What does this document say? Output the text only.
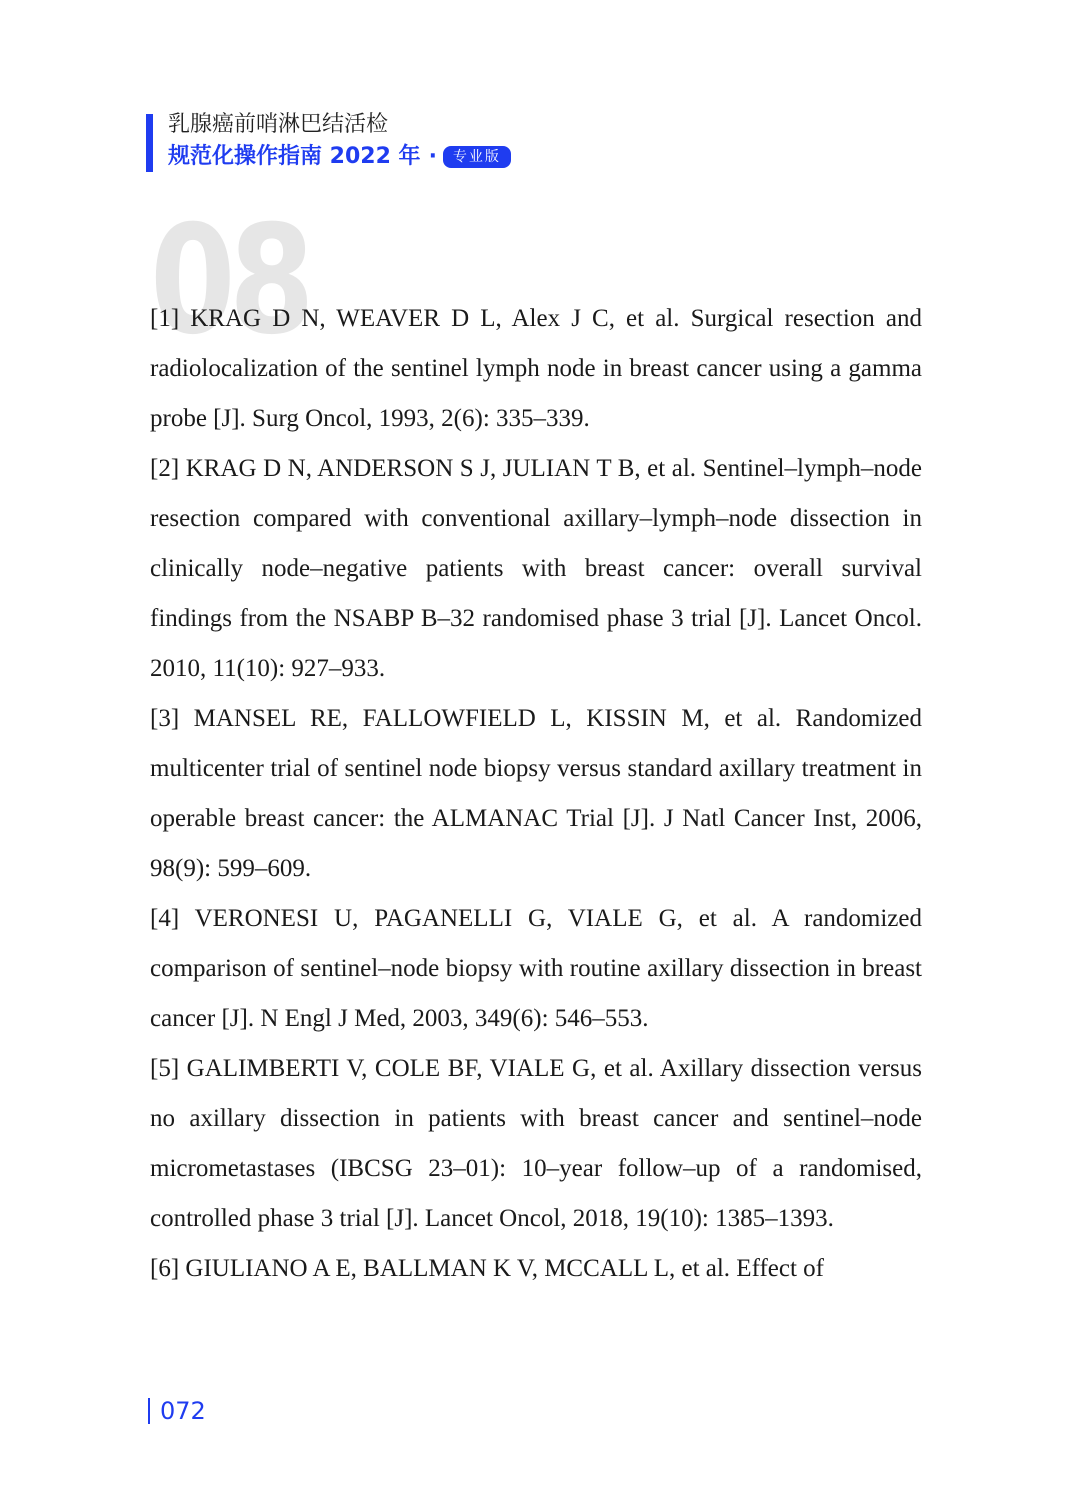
乳腺癌前哨淋巴结活检
规范化操作指南 2022 年 ·	专业版
08

[1] KRAG D N, WEAVER D L, Alex J C, et al. Surgical resection and radiolocalization of the sentinel lymph node in breast cancer using a gamma probe [J]. Surg Oncol, 1993, 2(6): 335–339.

[2] KRAG D N, ANDERSON S J, JULIAN T B, et al. Sentinel–lymph–node resection compared with conventional axillary–lymph–node dissection in clinically node–negative patients with breast cancer: overall survival findings from the NSABP B–32 randomised phase 3 trial [J]. Lancet Oncol. 2010, 11(10): 927–933.

[3] MANSEL RE, FALLOWFIELD L, KISSIN M, et al. Randomized multicenter trial of sentinel node biopsy versus standard axillary treatment in operable breast cancer: the ALMANAC Trial [J]. J Natl Cancer Inst, 2006, 98(9): 599–609.

[4] VERONESI U, PAGANELLI G, VIALE G, et al. A randomized comparison of sentinel–node biopsy with routine axillary dissection in breast cancer [J]. N Engl J Med, 2003, 349(6): 546–553.

[5] GALIMBERTI V, COLE BF, VIALE G, et al. Axillary dissection versus no axillary dissection in patients with breast cancer and sentinel–node micrometastases (IBCSG 23–01): 10–year follow–up of a randomised, controlled phase 3 trial [J]. Lancet Oncol, 2018, 19(10): 1385–1393.

[6] GIULIANO A E, BALLMAN K V, MCCALL L, et al. Effect of

072
